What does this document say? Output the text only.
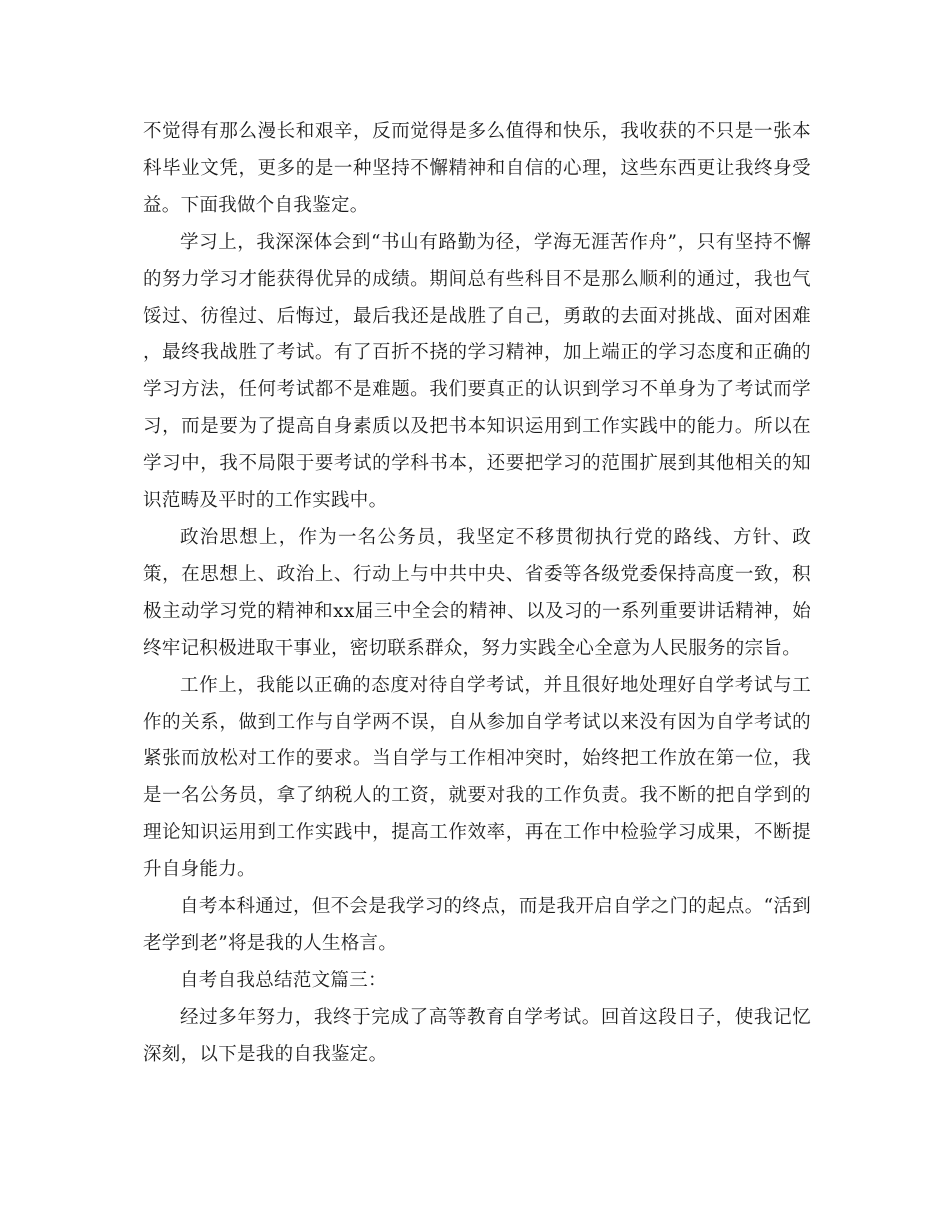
不觉得有那么漫长和艰辛，反而觉得是多么值得和快乐，我收获的不只是一张本科毕业文凭，更多的是一种坚持不懈精神和自信的心理，这些东西更让我终身受益。下面我做个自我鉴定。

学习上，我深深体会到“书山有路勤为径，学海无涯苦作舟”，只有坚持不懈的努力学习才能获得优异的成绩。期间总有些科目不是那么顺利的通过，我也气馁过、彷徨过、后悔过，最后我还是战胜了自己，勇敢的去面对挑战、面对困难 ，最终我战胜了考试。有了百折不挠的学习精神，加上端正的学习态度和正确的学习方法，任何考试都不是难题。我们要真正的认识到学习不单身为了考试而学习，而是要为了提高自身素质以及把书本知识运用到工作实践中的能力。所以在学习中，我不局限于要考试的学科书本，还要把学习的范围扩展到其他相关的知识范畴及平时的工作实践中。

政治思想上，作为一名公务员，我坚定不移贯彻执行党的路线、方针、政策，在思想上、政治上、行动上与中共中央、省委等各级党委保持高度一致，积极主动学习党的精神和xx届三中全会的精神、以及习的一系列重要讲话精神，始终牢记积极进取干事业，密切联系群众，努力实践全心全意为人民服务的宗旨。

工作上，我能以正确的态度对待自学考试，并且很好地处理好自学考试与工作的关系，做到工作与自学两不误，自从参加自学考试以来没有因为自学考试的紧张而放松对工作的要求。当自学与工作相冲突时，始终把工作放在第一位，我是一名公务员，拿了纳税人的工资，就要对我的工作负责。我不断的把自学到的理论知识运用到工作实践中，提高工作效率，再在工作中检验学习成果，不断提升自身能力。

自考本科通过，但不会是我学习的终点，而是我开启自学之门的起点。“活到老学到老”将是我的人生格言。

自考自我总结范文篇三：

经过多年努力，我终于完成了高等教育自学考试。回首这段日子，使我记忆深刻，以下是我的自我鉴定。
